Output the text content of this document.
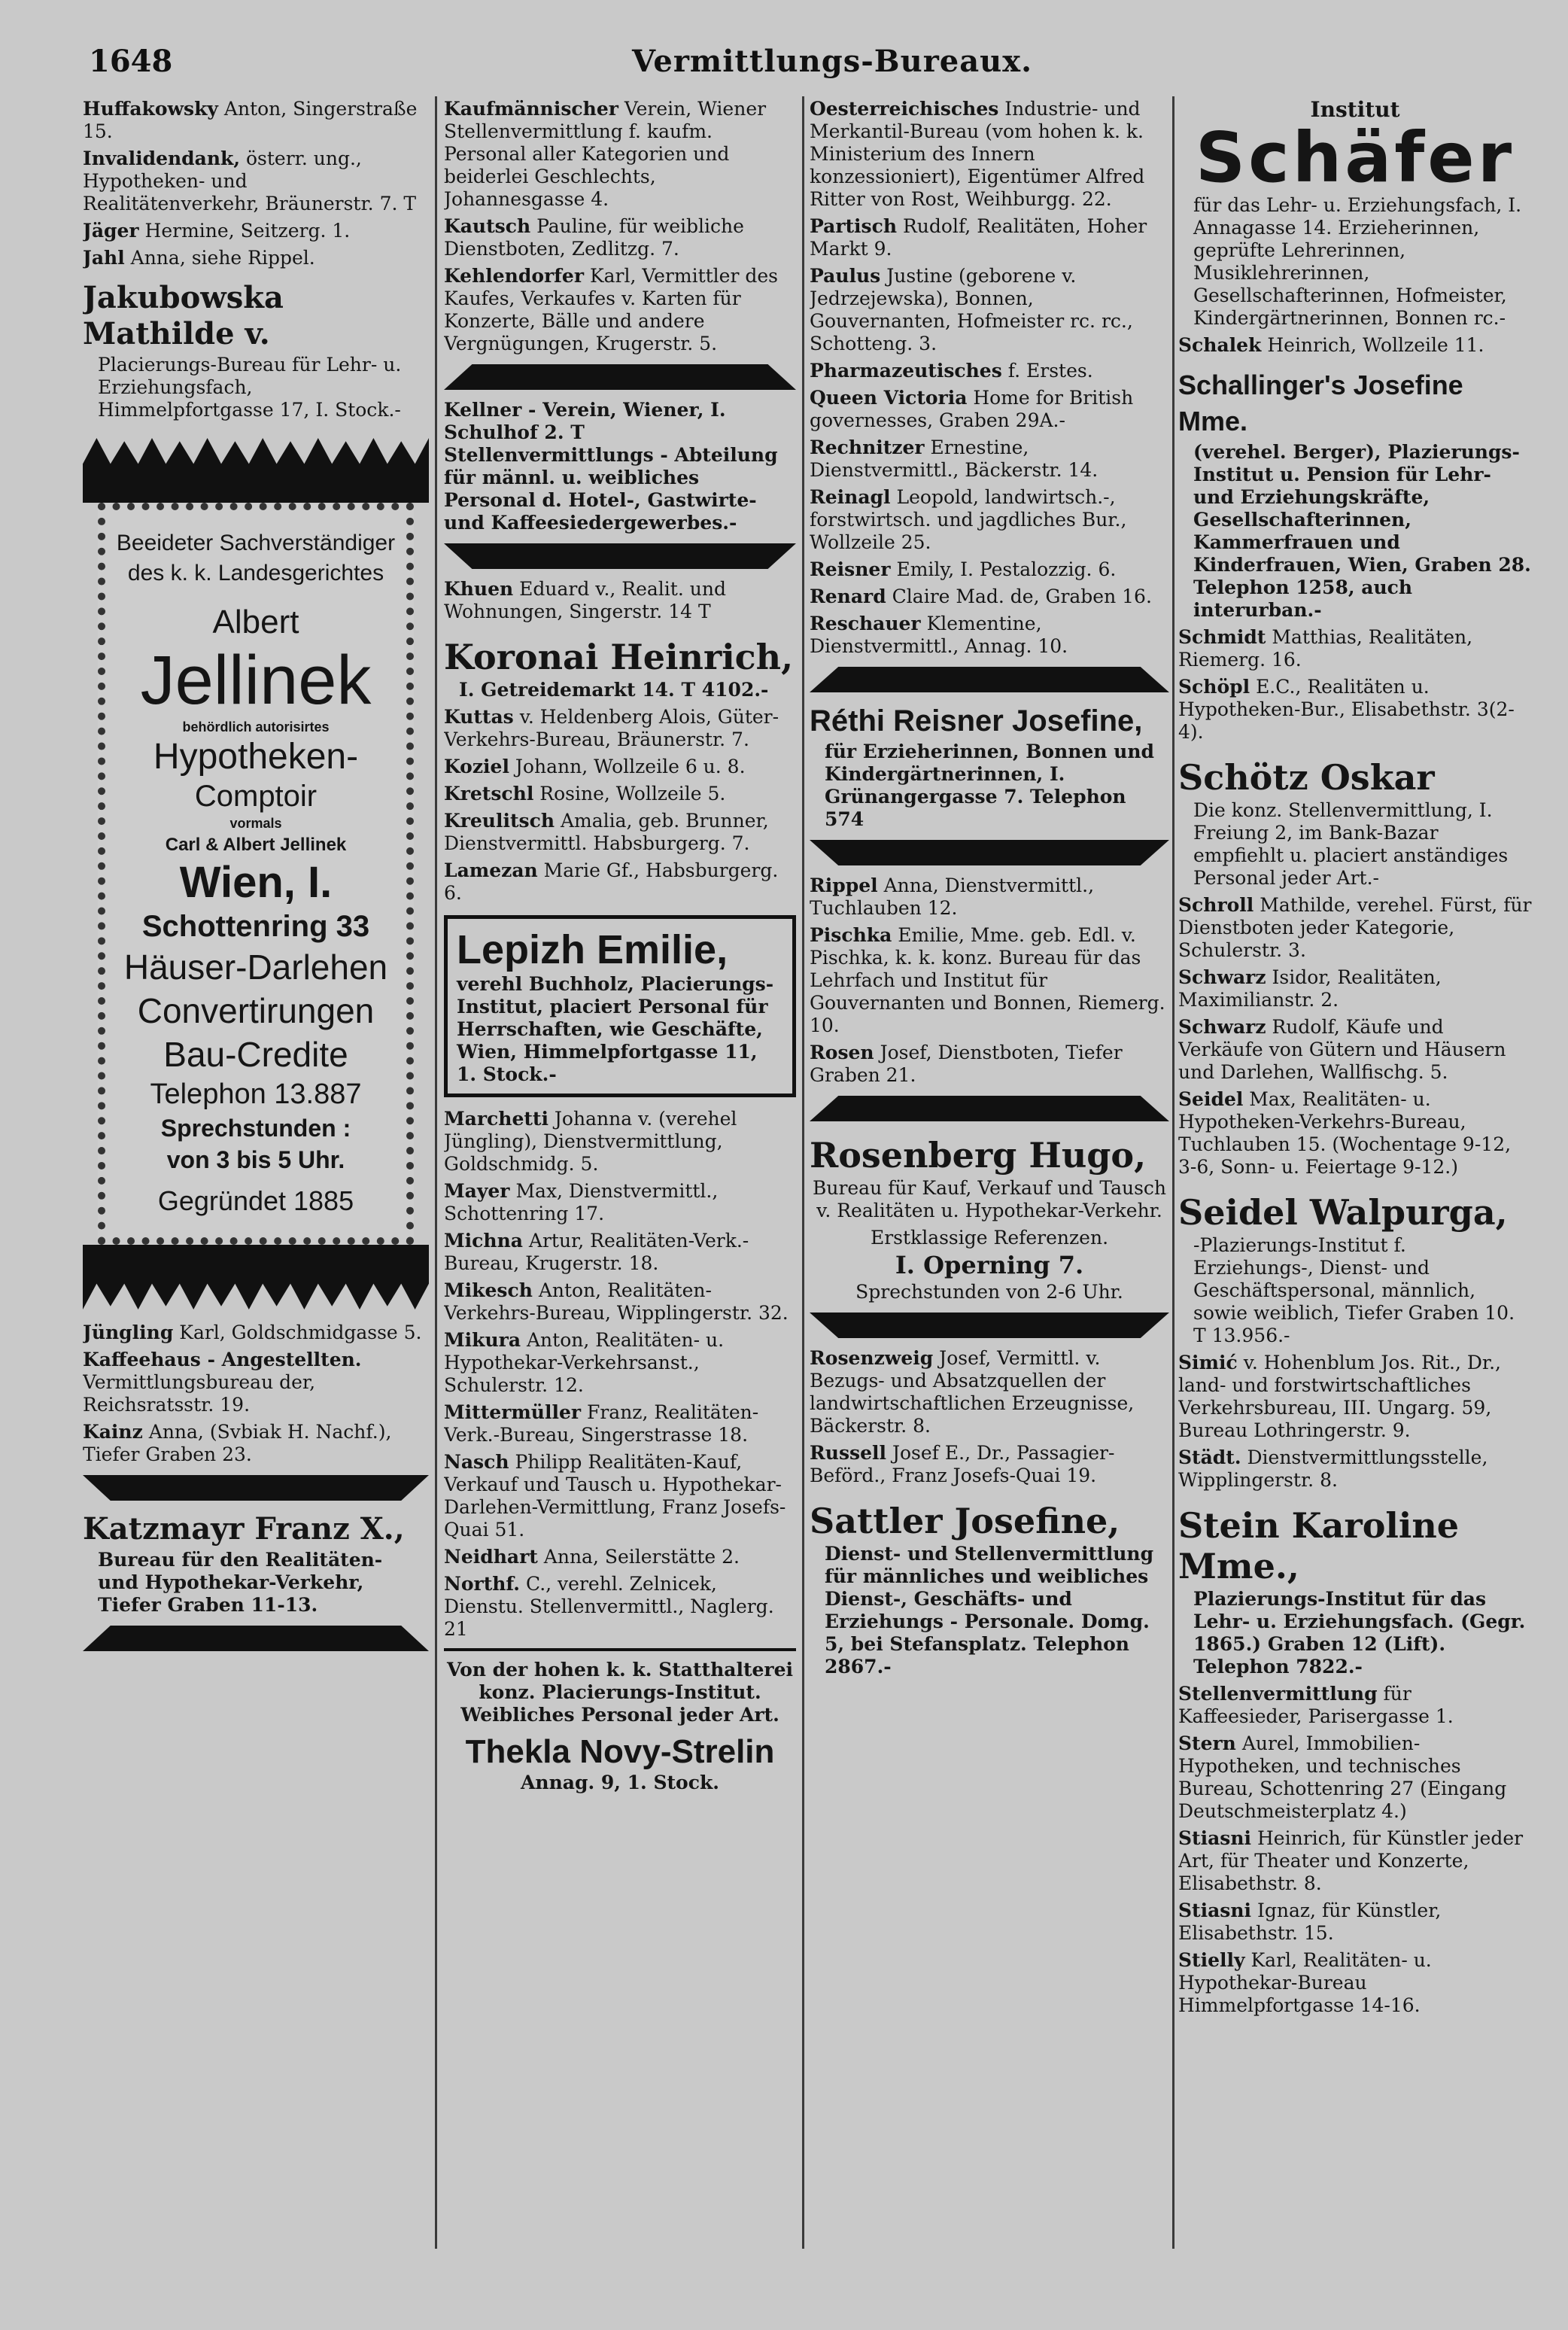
1648	Vermittlungs-Bureaux.
Huffakowsky Anton, Singerstraße 15.
Invalidendank, österr. ung., Hypotheken- und Realitätenverkehr, Bräunerstr. 7. T
Jäger Hermine, Seitzerg. 1.
Jahl Anna, siehe Rippel.
Jakubowska Mathilde v.
Placierungs-Bureau für Lehr- u. Erziehungsfach, Himmelpfortgasse 17, I. Stock.-
Beeideter Sachverständiger
des k. k. Landesgerichtes
Albert
Jellinek
behördlich autorisirtes
Hypotheken-
Comptoir
vormals
Carl & Albert Jellinek
Wien, I.
Schottenring 33
Häuser-Darlehen
Convertirungen
Bau-Credite
Telephon 13.887
Sprechstunden :
von 3 bis 5 Uhr.
Gegründet 1885
Jüngling Karl, Goldschmidgasse 5.
Kaffeehaus - Angestellten. Vermittlungsbureau der, Reichsratsstr. 19.
Kainz Anna, (Svbiak H. Nachf.), Tiefer Graben 23.
Katzmayr Franz X.,
Bureau für den Realitäten- und Hypothekar-Verkehr, Tiefer Graben 11-13.
Kaufmännischer Verein, Wiener Stellenvermittlung f. kaufm. Personal aller Kategorien und beiderlei Geschlechts, Johannesgasse 4.
Kautsch Pauline, für weibliche Dienstboten, Zedlitzg. 7.
Kehlendorfer Karl, Vermittler des Kaufes, Verkaufes v. Karten für Konzerte, Bälle und andere Vergnügungen, Krugerstr. 5.
Kellner - Verein, Wiener, I. Schulhof 2. T Stellenvermittlungs - Abteilung für männl. u. weibliches Personal d. Hotel-, Gastwirte- und Kaffeesiedergewerbes.-
Khuen Eduard v., Realit. und Wohnungen, Singerstr. 14 T
Koronai Heinrich,
I. Getreidemarkt 14. T 4102.-
Kuttas v. Heldenberg Alois, Güter-Verkehrs-Bureau, Bräunerstr. 7.
Koziel Johann, Wollzeile 6 u. 8.
Kretschl Rosine, Wollzeile 5.
Kreulitsch Amalia, geb. Brunner, Dienstvermittl. Habsburgerg. 7.
Lamezan Marie Gf., Habsburgerg. 6.
Lepizh Emilie,
verehl Buchholz, Placierungs-Institut, placiert Personal für Herrschaften, wie Geschäfte, Wien, Himmelpfortgasse 11, 1. Stock.-
Marchetti Johanna v. (verehel Jüngling), Dienstvermittlung, Goldschmidg. 5.
Mayer Max, Dienstvermittl., Schottenring 17.
Michna Artur, Realitäten-Verk.-Bureau, Krugerstr. 18.
Mikesch Anton, Realitäten-Verkehrs-Bureau, Wipplingerstr. 32.
Mikura Anton, Realitäten- u. Hypothekar-Verkehrsanst., Schulerstr. 12.
Mittermüller Franz, Realitäten-Verk.-Bureau, Singerstrasse 18.
Nasch Philipp Realitäten-Kauf, Verkauf und Tausch u. Hypothekar-Darlehen-Vermittlung, Franz Josefs-Quai 51.
Neidhart Anna, Seilerstätte 2.
Northf. C., verehl. Zelnicek, Dienstu. Stellenvermittl., Naglerg. 21
Von der hohen k. k. Statthalterei konz. Placierungs-Institut. Weibliches Personal jeder Art.
Thekla Novy-Strelin
Annag. 9, 1. Stock.
Oesterreichisches Industrie- und Merkantil-Bureau (vom hohen k. k. Ministerium des Innern konzessioniert), Eigentümer Alfred Ritter von Rost, Weihburgg. 22.
Partisch Rudolf, Realitäten, Hoher Markt 9.
Paulus Justine (geborene v. Jedrzejewska), Bonnen, Gouvernanten, Hofmeister rc. rc., Schotteng. 3.
Pharmazeutisches f. Erstes.
Queen Victoria Home for British governesses, Graben 29A.-
Rechnitzer Ernestine, Dienstvermittl., Bäckerstr. 14.
Reinagl Leopold, landwirtsch.-, forstwirtsch. und jagdliches Bur., Wollzeile 25.
Reisner Emily, I. Pestalozzig. 6.
Renard Claire Mad. de, Graben 16.
Reschauer Klementine, Dienstvermittl., Annag. 10.
Réthi Reisner Josefine,
für Erzieherinnen, Bonnen und Kindergärtnerinnen, I. Grünangergasse 7. Telephon 574
Rippel Anna, Dienstvermittl., Tuchlauben 12.
Pischka Emilie, Mme. geb. Edl. v. Pischka, k. k. konz. Bureau für das Lehrfach und Institut für Gouvernanten und Bonnen, Riemerg. 10.
Rosen Josef, Dienstboten, Tiefer Graben 21.
Rosenberg Hugo,
Bureau für Kauf, Verkauf und Tausch v. Realitäten u. Hypothekar-Verkehr.
Erstklassige Referenzen.
I. Operning 7.
Sprechstunden von 2-6 Uhr.
Rosenzweig Josef, Vermittl. v. Bezugs- und Absatzquellen der landwirtschaftlichen Erzeugnisse, Bäckerstr. 8.
Russell Josef E., Dr., Passagier-Beförd., Franz Josefs-Quai 19.
Sattler Josefine,
Dienst- und Stellenvermittlung für männliches und weibliches Dienst-, Geschäfts- und Erziehungs - Personale. Domg. 5, bei Stefansplatz. Telephon 2867.-
Institut
Schäfer
für das Lehr- u. Erziehungsfach, I. Annagasse 14. Erzieherinnen, geprüfte Lehrerinnen, Musiklehrerinnen, Gesellschafterinnen, Hofmeister, Kindergärtnerinnen, Bonnen rc.-
Schalek Heinrich, Wollzeile 11.
Schallinger's Josefine Mme.
(verehel. Berger), Plazierungs-Institut u. Pension für Lehr- und Erziehungskräfte, Gesellschafterinnen, Kammerfrauen und Kinderfrauen, Wien, Graben 28. Telephon 1258, auch interurban.-
Schmidt Matthias, Realitäten, Riemerg. 16.
Schöpl E.C., Realitäten u. Hypotheken-Bur., Elisabethstr. 3(2-4).
Schötz Oskar
Die konz. Stellenvermittlung, I. Freiung 2, im Bank-Bazar empfiehlt u. placiert anständiges Personal jeder Art.-
Schroll Mathilde, verehel. Fürst, für Dienstboten jeder Kategorie, Schulerstr. 3.
Schwarz Isidor, Realitäten, Maximilianstr. 2.
Schwarz Rudolf, Käufe und Verkäufe von Gütern und Häusern und Darlehen, Wallfischg. 5.
Seidel Max, Realitäten- u. Hypotheken-Verkehrs-Bureau, Tuchlauben 15. (Wochentage 9-12, 3-6, Sonn- u. Feiertage 9-12.)
Seidel Walpurga,
-Plazierungs-Institut f. Erziehungs-, Dienst- und Geschäftspersonal, männlich, sowie weiblich, Tiefer Graben 10. T 13.956.-
Simić v. Hohenblum Jos. Rit., Dr., land- und forstwirtschaftliches Verkehrsbureau, III. Ungarg. 59, Bureau Lothringerstr. 9.
Städt. Dienstvermittlungsstelle, Wipplingerstr. 8.
Stein Karoline Mme.,
Plazierungs-Institut für das Lehr- u. Erziehungsfach. (Gegr. 1865.) Graben 12 (Lift). Telephon 7822.-
Stellenvermittlung für Kaffeesieder, Parisergasse 1.
Stern Aurel, Immobilien-Hypotheken, und technisches Bureau, Schottenring 27 (Eingang Deutschmeisterplatz 4.)
Stiasni Heinrich, für Künstler jeder Art, für Theater und Konzerte, Elisabethstr. 8.
Stiasni Ignaz, für Künstler, Elisabethstr. 15.
Stielly Karl, Realitäten- u. Hypothekar-Bureau Himmelpfortgasse 14-16.
